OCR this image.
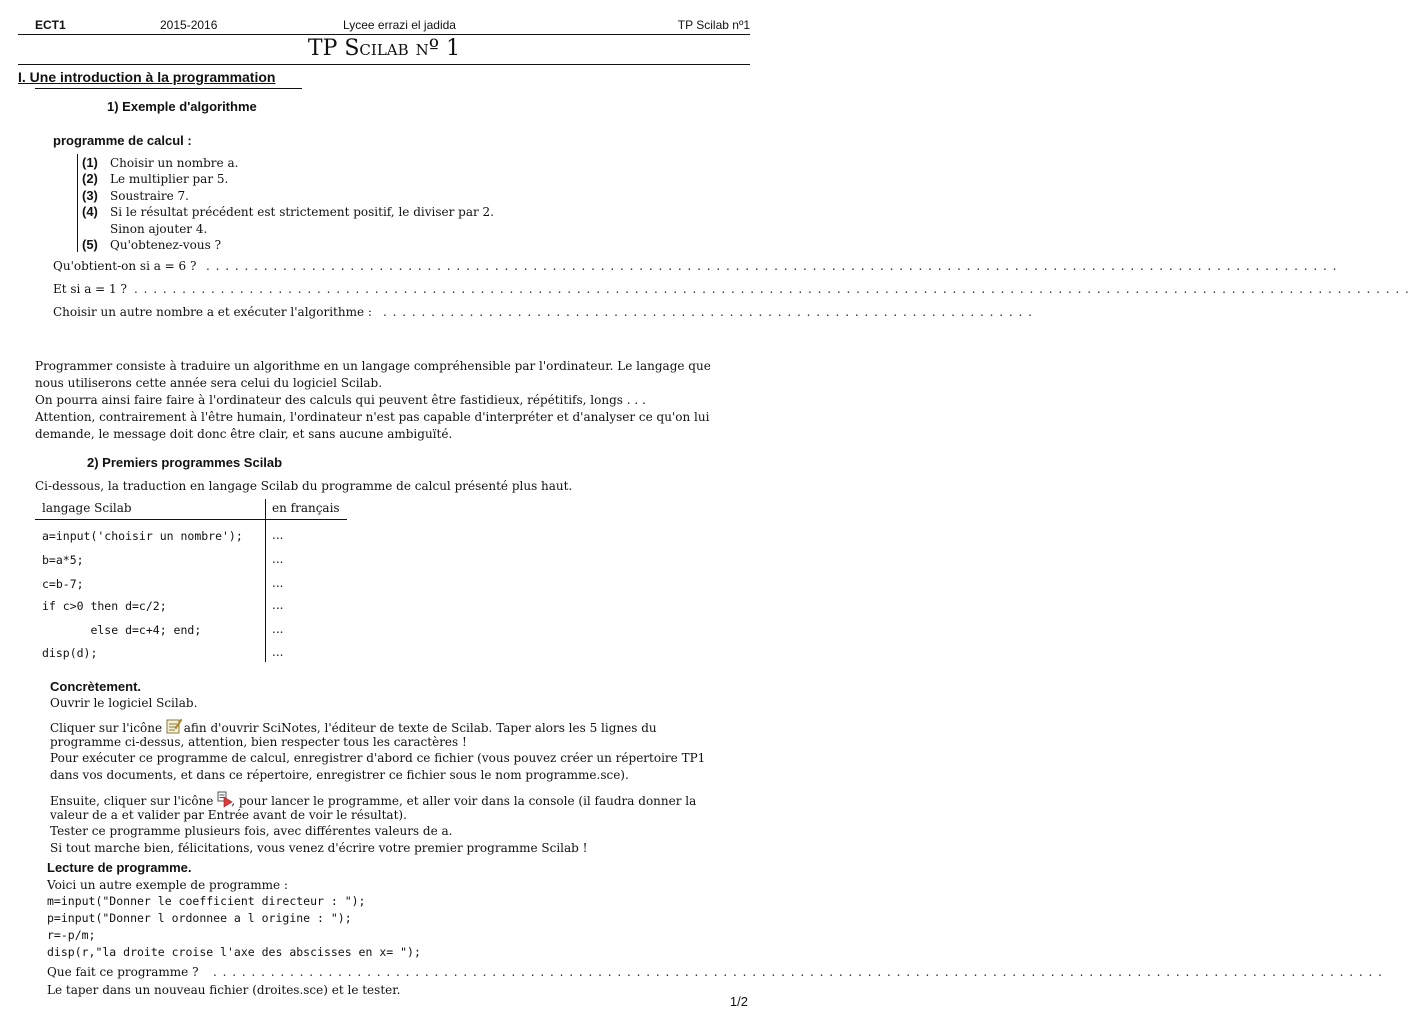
ECT1	2015-2016	Lycee errazi el jadida	TP Scilab nº1
TP Scilab nº 1
I. Une introduction à la programmation
1) Exemple d'algorithme
programme de calcul :
(1) Choisir un nombre a.
(2) Le multiplier par 5.
(3) Soustraire 7.
(4) Si le résultat précédent est strictement positif, le diviser par 2.
Sinon ajouter 4.
(5) Qu'obtenez-vous ?
Qu'obtient-on si a = 6 ? . . . . . . . . . . . . . . . . . . . . . . . . . . . . . . . . . . . . . . . . . . . . . . . . . . . . . . . . . . . . . . . . . . . . . . . . . . . . . . . . . . . . . . . . . . . . . . . . . . . . . . . . . . . . . . . . . . . . . .
Et si a = 1 ? . . . . . . . . . . . . . . . . . . . . . . . . . . . . . . . . . . . . . . . . . . . . . . . . . . . . . . . . . . . . . . . . . . . . . . . . . . . . . . . . . . . . . . . . . . . . . . . . . . . . . . . . . . . . . . . . . . . . . . . . . . . . . . . . . . . . .
Choisir un autre nombre a et exécuter l'algorithme : . . . . . . . . . . . . . . . . . . . . . . . . . . . . . . . . . . . . . . . . . . . . . . . . . . . . . . . . . . . . . . . . . . . .

Programmer consiste à traduire un algorithme en un langage compréhensible par l'ordinateur. Le langage que nous utiliserons cette année sera celui du logiciel Scilab.

On pourra ainsi faire faire à l'ordinateur des calculs qui peuvent être fastidieux, répétitifs, longs . . .

Attention, contrairement à l'être humain, l'ordinateur n'est pas capable d'interpréter et d'analyser ce qu'on lui demande, le message doit donc être clair, et sans aucune ambiguïté.

2) Premiers programmes Scilab
Ci-dessous, la traduction en langage Scilab du programme de calcul présenté plus haut.
langage Scilab	en français
a=input('choisir un nombre'); ...
b=a*5;	...
c=b-7;	...
if c>0 then d=c/2;	...
else d=c+4; end;	...
disp(d);	...
Concrètement.
Ouvrir le logiciel Scilab.
Cliquer sur l'icône afin d'ouvrir SciNotes, l'éditeur de texte de Scilab. Taper alors les 5 lignes du
programme ci-dessus, attention, bien respecter tous les caractères !
Pour exécuter ce programme de calcul, enregistrer d'abord ce fichier (vous pouvez créer un répertoire TP1
dans vos documents, et dans ce répertoire, enregistrer ce fichier sous le nom programme.sce).
Ensuite, cliquer sur l'icône , pour lancer le programme, et aller voir dans la console (il faudra donner la
valeur de a et valider par Entrée avant de voir le résultat).
Tester ce programme plusieurs fois, avec différentes valeurs de a.
Si tout marche bien, félicitations, vous venez d'écrire votre premier programme Scilab !
Lecture de programme.
Voici un autre exemple de programme :
m=input("Donner le coefficient directeur : ");
p=input("Donner l ordonnee a l origine : ");
r=-p/m;
disp(r,"la droite croise l'axe des abscisses en x= ");
Que fait ce programme ? . . . . . . . . . . . . . . . . . . . . . . . . . . . . . . . . . . . . . . . . . . . . . . . . . . . . . . . . . . . . . . . . . . . . . . . . . . . . . . . . . . . . . . . . . . . . . . . . . . . . . . . . . . . . . . . . . . . . . . . . . .
Le taper dans un nouveau fichier (droites.sce) et le tester.
1/2
